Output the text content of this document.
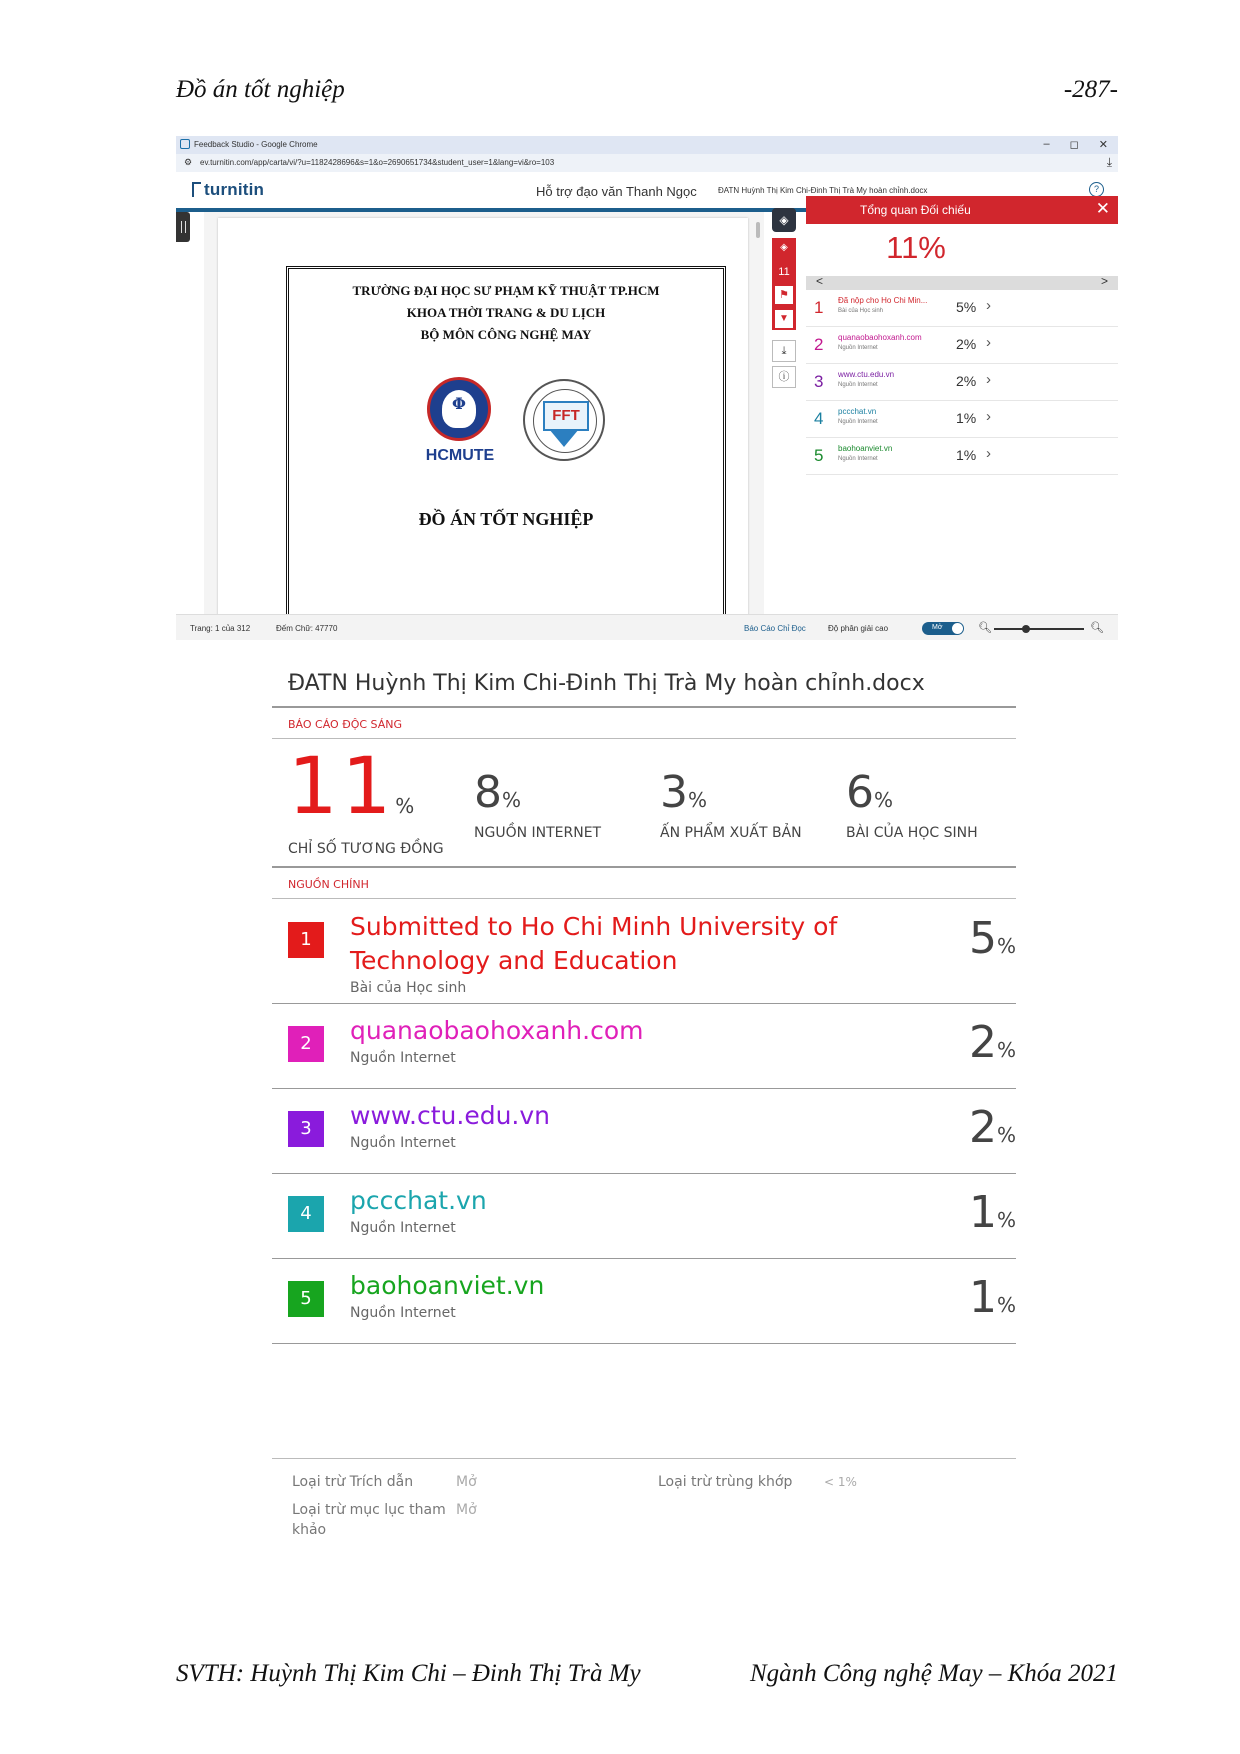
Đồ án tốt nghiệp	-287-
Feedback Studio - Google Chrome	– ◻ ✕
⚙ ev.turnitin.com/app/carta/vi/?u=1182428696&s=1&o=2690651734&student_user=1&lang=vi&ro=103	⤓
turnitin	Hỗ trợ đạo văn Thanh Ngọc	ĐATN Huỳnh Thị Kim Chi-Đinh Thị Trà My hoàn chỉnh.docx	?
TRƯỜNG ĐẠI HỌC SƯ PHẠM KỸ THUẬT TP.HCM
KHOA THỜI TRANG & DU LỊCH
BỘ MÔN CÔNG NGHỆ MAY
Φ
HCMUTE
FFT
ĐỒ ÁN TỐT NGHIỆP
◈
◈
11
⚑
▼
⤓
ⓘ
Tổng quan Đối chiếu	✕
11%
<	>
1 Đã nộp cho Ho Chi Min...
Bài của Học sinh	5% ›
2 quanaobaohoxanh.com
Nguồn Internet	2% ›
3 www.ctu.edu.vn
Nguồn Internet	2% ›
4 pccchat.vn
Nguồn Internet	1% ›
5 baohoanviet.vn
Nguồn Internet	1% ›
Trang: 1 của 312	Đếm Chữ: 47770	Báo Cáo Chỉ Đọc	Độ phân giải cao	Mở	🔍︎	🔍︎
ĐATN Huỳnh Thị Kim Chi-Đinh Thị Trà My hoàn chỉnh.docx
BÁO CÁO ĐỘC SÁNG
11%
CHỈ SỐ TƯƠNG ĐỒNG
8%
NGUỒN INTERNET
3%
ẤN PHẨM XUẤT BẢN
6%
BÀI CỦA HỌC SINH
NGUỒN CHÍNH
1	Submitted to Ho Chi Minh University of
Technology and Education
Bài của Học sinh
5%
2	quanaobaohoxanh.com
Nguồn Internet	2%
3	www.ctu.edu.vn
Nguồn Internet	2%
4	pccchat.vn
Nguồn Internet	1%
5	baohoanviet.vn
Nguồn Internet	1%
Loại trừ Trích dẫn	Mở
Loại trừ mục lục tham
khảo
Mở
Loại trừ trùng khớp	< 1%
SVTH: Huỳnh Thị Kim Chi – Đinh Thị Trà My	Ngành Công nghệ May – Khóa 2021
